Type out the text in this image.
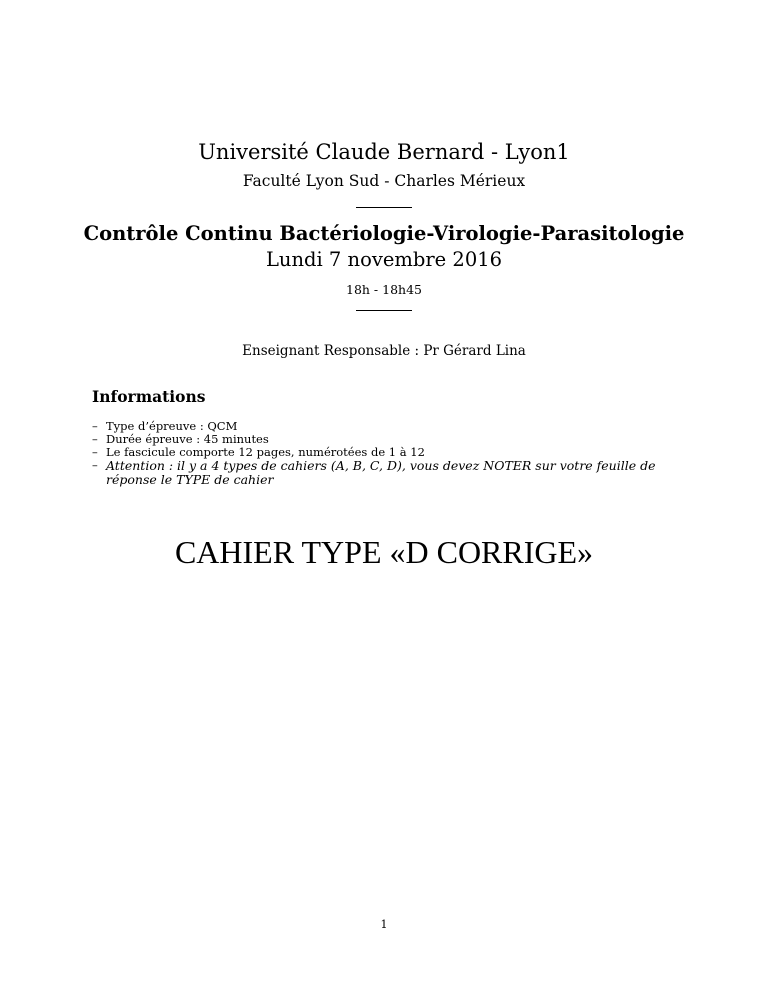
Université Claude Bernard - Lyon1
Faculté Lyon Sud - Charles Mérieux
Contrôle Continu Bactériologie-Virologie-Parasitologie
Lundi 7 novembre 2016
18h - 18h45
Enseignant Responsable : Pr Gérard Lina
Informations
– Type d’épreuve : QCM
– Durée épreuve : 45 minutes
– Le fascicule comporte 12 pages, numérotées de 1 à 12
– Attention : il y a 4 types de cahiers (A, B, C, D), vous devez NOTER sur votre feuille de réponse le TYPE de cahier
CAHIER TYPE «D CORRIGE»
1
